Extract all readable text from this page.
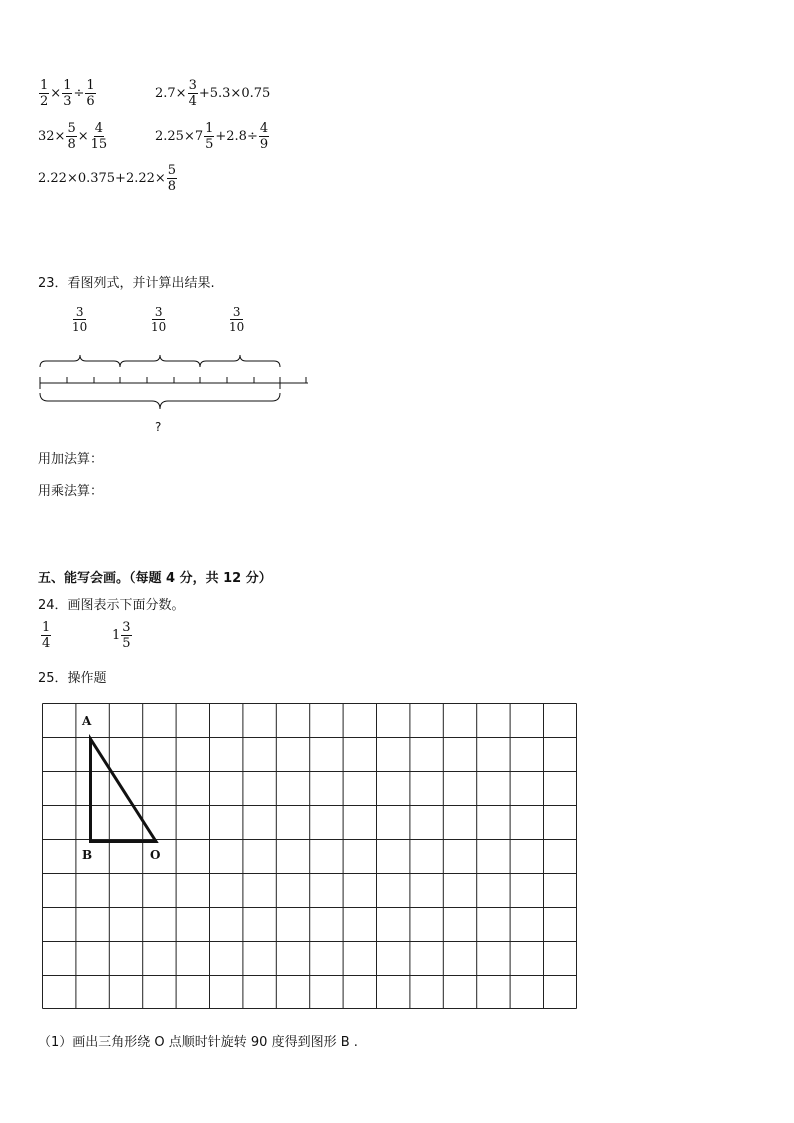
$\frac{1}{2} \times \frac{1}{3} \div \frac{1}{6}$	$2.7\times \frac{3}{4} +5.3\times 0.75$
$32\times \frac{5}{8} \times \frac{4}{15}$	$2.25\times 7 \frac{1}{5} +2.8\div \frac{4}{9}$
$2.22\times 0.375+2.22\times \frac{5}{8}$
23．看图列式，并计算出结果.
3
10
3
10
3
10
?
用加法算：
用乘法算：
五、能写会画。（每题 4 分，共 12 分）
24．画图表示下面分数。
$\frac{1}{4}$	$1 \frac{3}{5}$
25．操作题
A
B	O
（1）画出三角形绕 O 点顺时针旋转 90 度得到图形 B .
